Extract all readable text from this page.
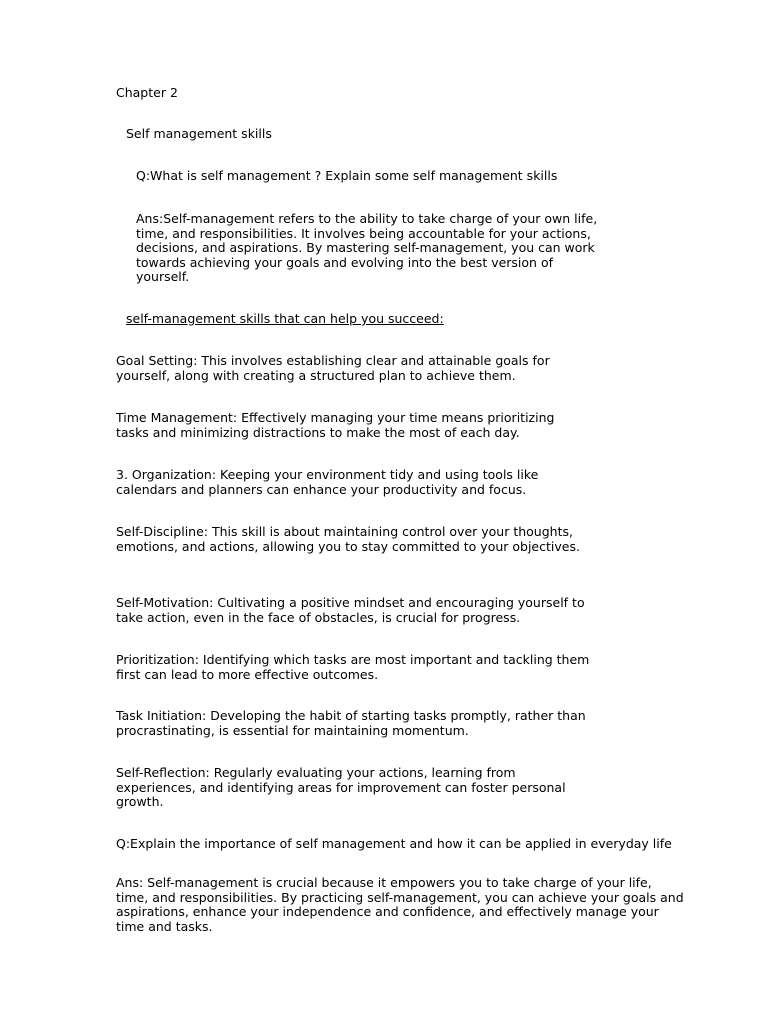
Chapter 2

Self management skills

Q:What is self management ? Explain some self management skills

Ans:Self-management refers to the ability to take charge of your own life, time, and responsibilities. It involves being accountable for your actions, decisions, and aspirations. By mastering self-management, you can work towards achieving your goals and evolving into the best version of yourself.

self-management skills that can help you succeed:

Goal Setting: This involves establishing clear and attainable goals for yourself, along with creating a structured plan to achieve them.

Time Management: Effectively managing your time means prioritizing tasks and minimizing distractions to make the most of each day.

3. Organization: Keeping your environment tidy and using tools like calendars and planners can enhance your productivity and focus.

Self-Discipline: This skill is about maintaining control over your thoughts, emotions, and actions, allowing you to stay committed to your objectives.

Self-Motivation: Cultivating a positive mindset and encouraging yourself to take action, even in the face of obstacles, is crucial for progress.

Prioritization: Identifying which tasks are most important and tackling them first can lead to more effective outcomes.

Task Initiation: Developing the habit of starting tasks promptly, rather than procrastinating, is essential for maintaining momentum.

Self-Reflection: Regularly evaluating your actions, learning from experiences, and identifying areas for improvement can foster personal growth.

Q:Explain the importance of self management and how it can be applied in everyday life

Ans: Self-management is crucial because it empowers you to take charge of your life, time, and responsibilities. By practicing self-management, you can achieve your goals and aspirations, enhance your independence and confidence, and effectively manage your time and tasks.
